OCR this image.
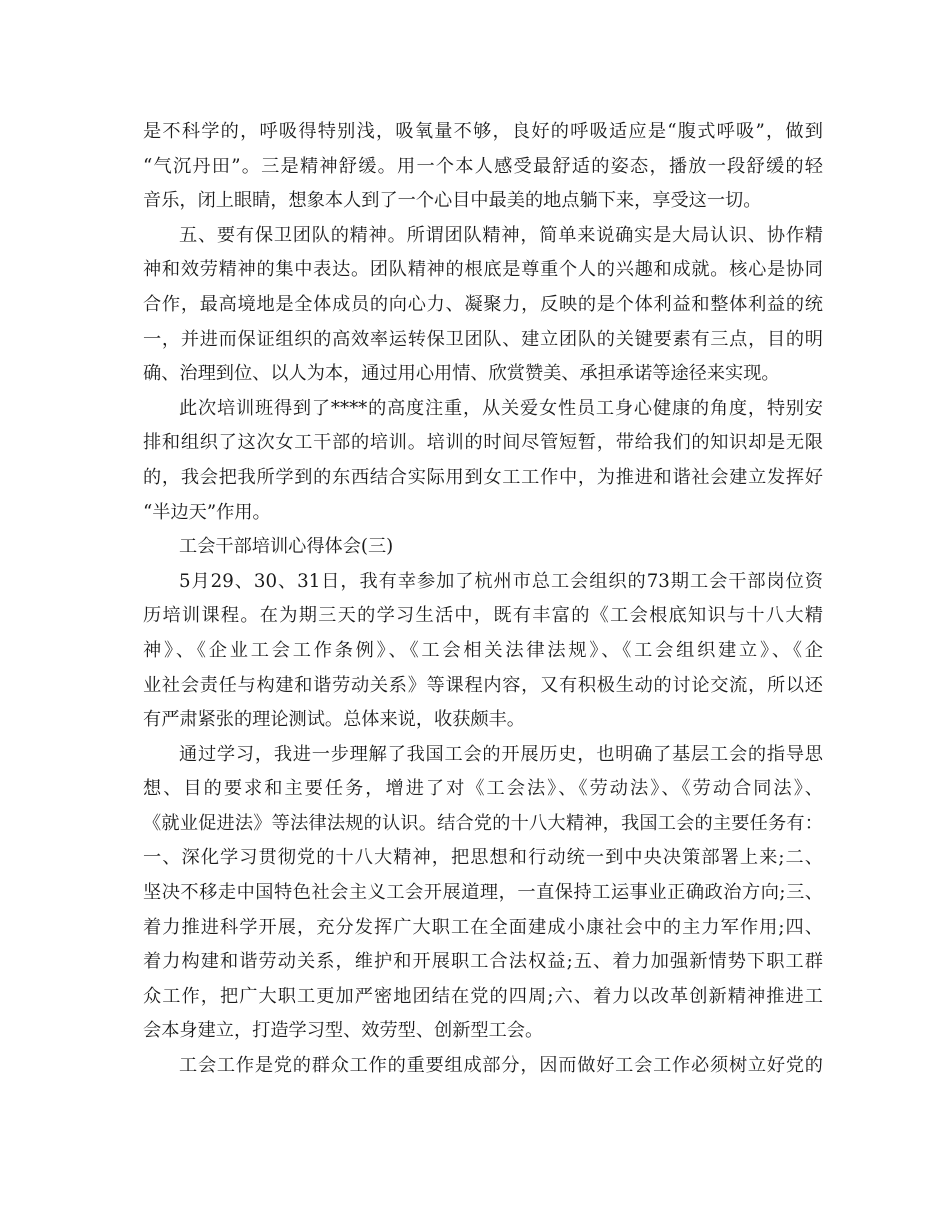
是不科学的，呼吸得特别浅，吸氧量不够，良好的呼吸适应是“腹式呼吸”，做到
“气沉丹田”。三是精神舒缓。用一个本人感受最舒适的姿态，播放一段舒缓的轻
音乐，闭上眼睛，想象本人到了一个心目中最美的地点躺下来，享受这一切。
五、要有保卫团队的精神。所谓团队精神，简单来说确实是大局认识、协作精
神和效劳精神的集中表达。团队精神的根底是尊重个人的兴趣和成就。核心是协同
合作，最高境地是全体成员的向心力、凝聚力，反映的是个体利益和整体利益的统
一，并进而保证组织的高效率运转保卫团队、建立团队的关键要素有三点，目的明
确、治理到位、以人为本，通过用心用情、欣赏赞美、承担承诺等途径来实现。
此次培训班得到了****的高度注重，从关爱女性员工身心健康的角度，特别安
排和组织了这次女工干部的培训。培训的时间尽管短暂，带给我们的知识却是无限
的，我会把我所学到的东西结合实际用到女工工作中，为推进和谐社会建立发挥好
“半边天”作用。
工会干部培训心得体会(三)
5月29、30、31日，我有幸参加了杭州市总工会组织的73期工会干部岗位资
历培训课程。在为期三天的学习生活中，既有丰富的《工会根底知识与十八大精
神》、《企业工会工作条例》、《工会相关法律法规》、《工会组织建立》、《企
业社会责任与构建和谐劳动关系》等课程内容，又有积极生动的讨论交流，所以还
有严肃紧张的理论测试。总体来说，收获颇丰。
通过学习，我进一步理解了我国工会的开展历史，也明确了基层工会的指导思
想、目的要求和主要任务，增进了对《工会法》、《劳动法》、《劳动合同法》、
《就业促进法》等法律法规的认识。结合党的十八大精神，我国工会的主要任务有：
一、深化学习贯彻党的十八大精神，把思想和行动统一到中央决策部署上来;二、
坚决不移走中国特色社会主义工会开展道理，一直保持工运事业正确政治方向;三、
着力推进科学开展，充分发挥广大职工在全面建成小康社会中的主力军作用;四、
着力构建和谐劳动关系，维护和开展职工合法权益;五、着力加强新情势下职工群
众工作，把广大职工更加严密地团结在党的四周;六、着力以改革创新精神推进工
会本身建立，打造学习型、效劳型、创新型工会。
工会工作是党的群众工作的重要组成部分，因而做好工会工作必须树立好党的
